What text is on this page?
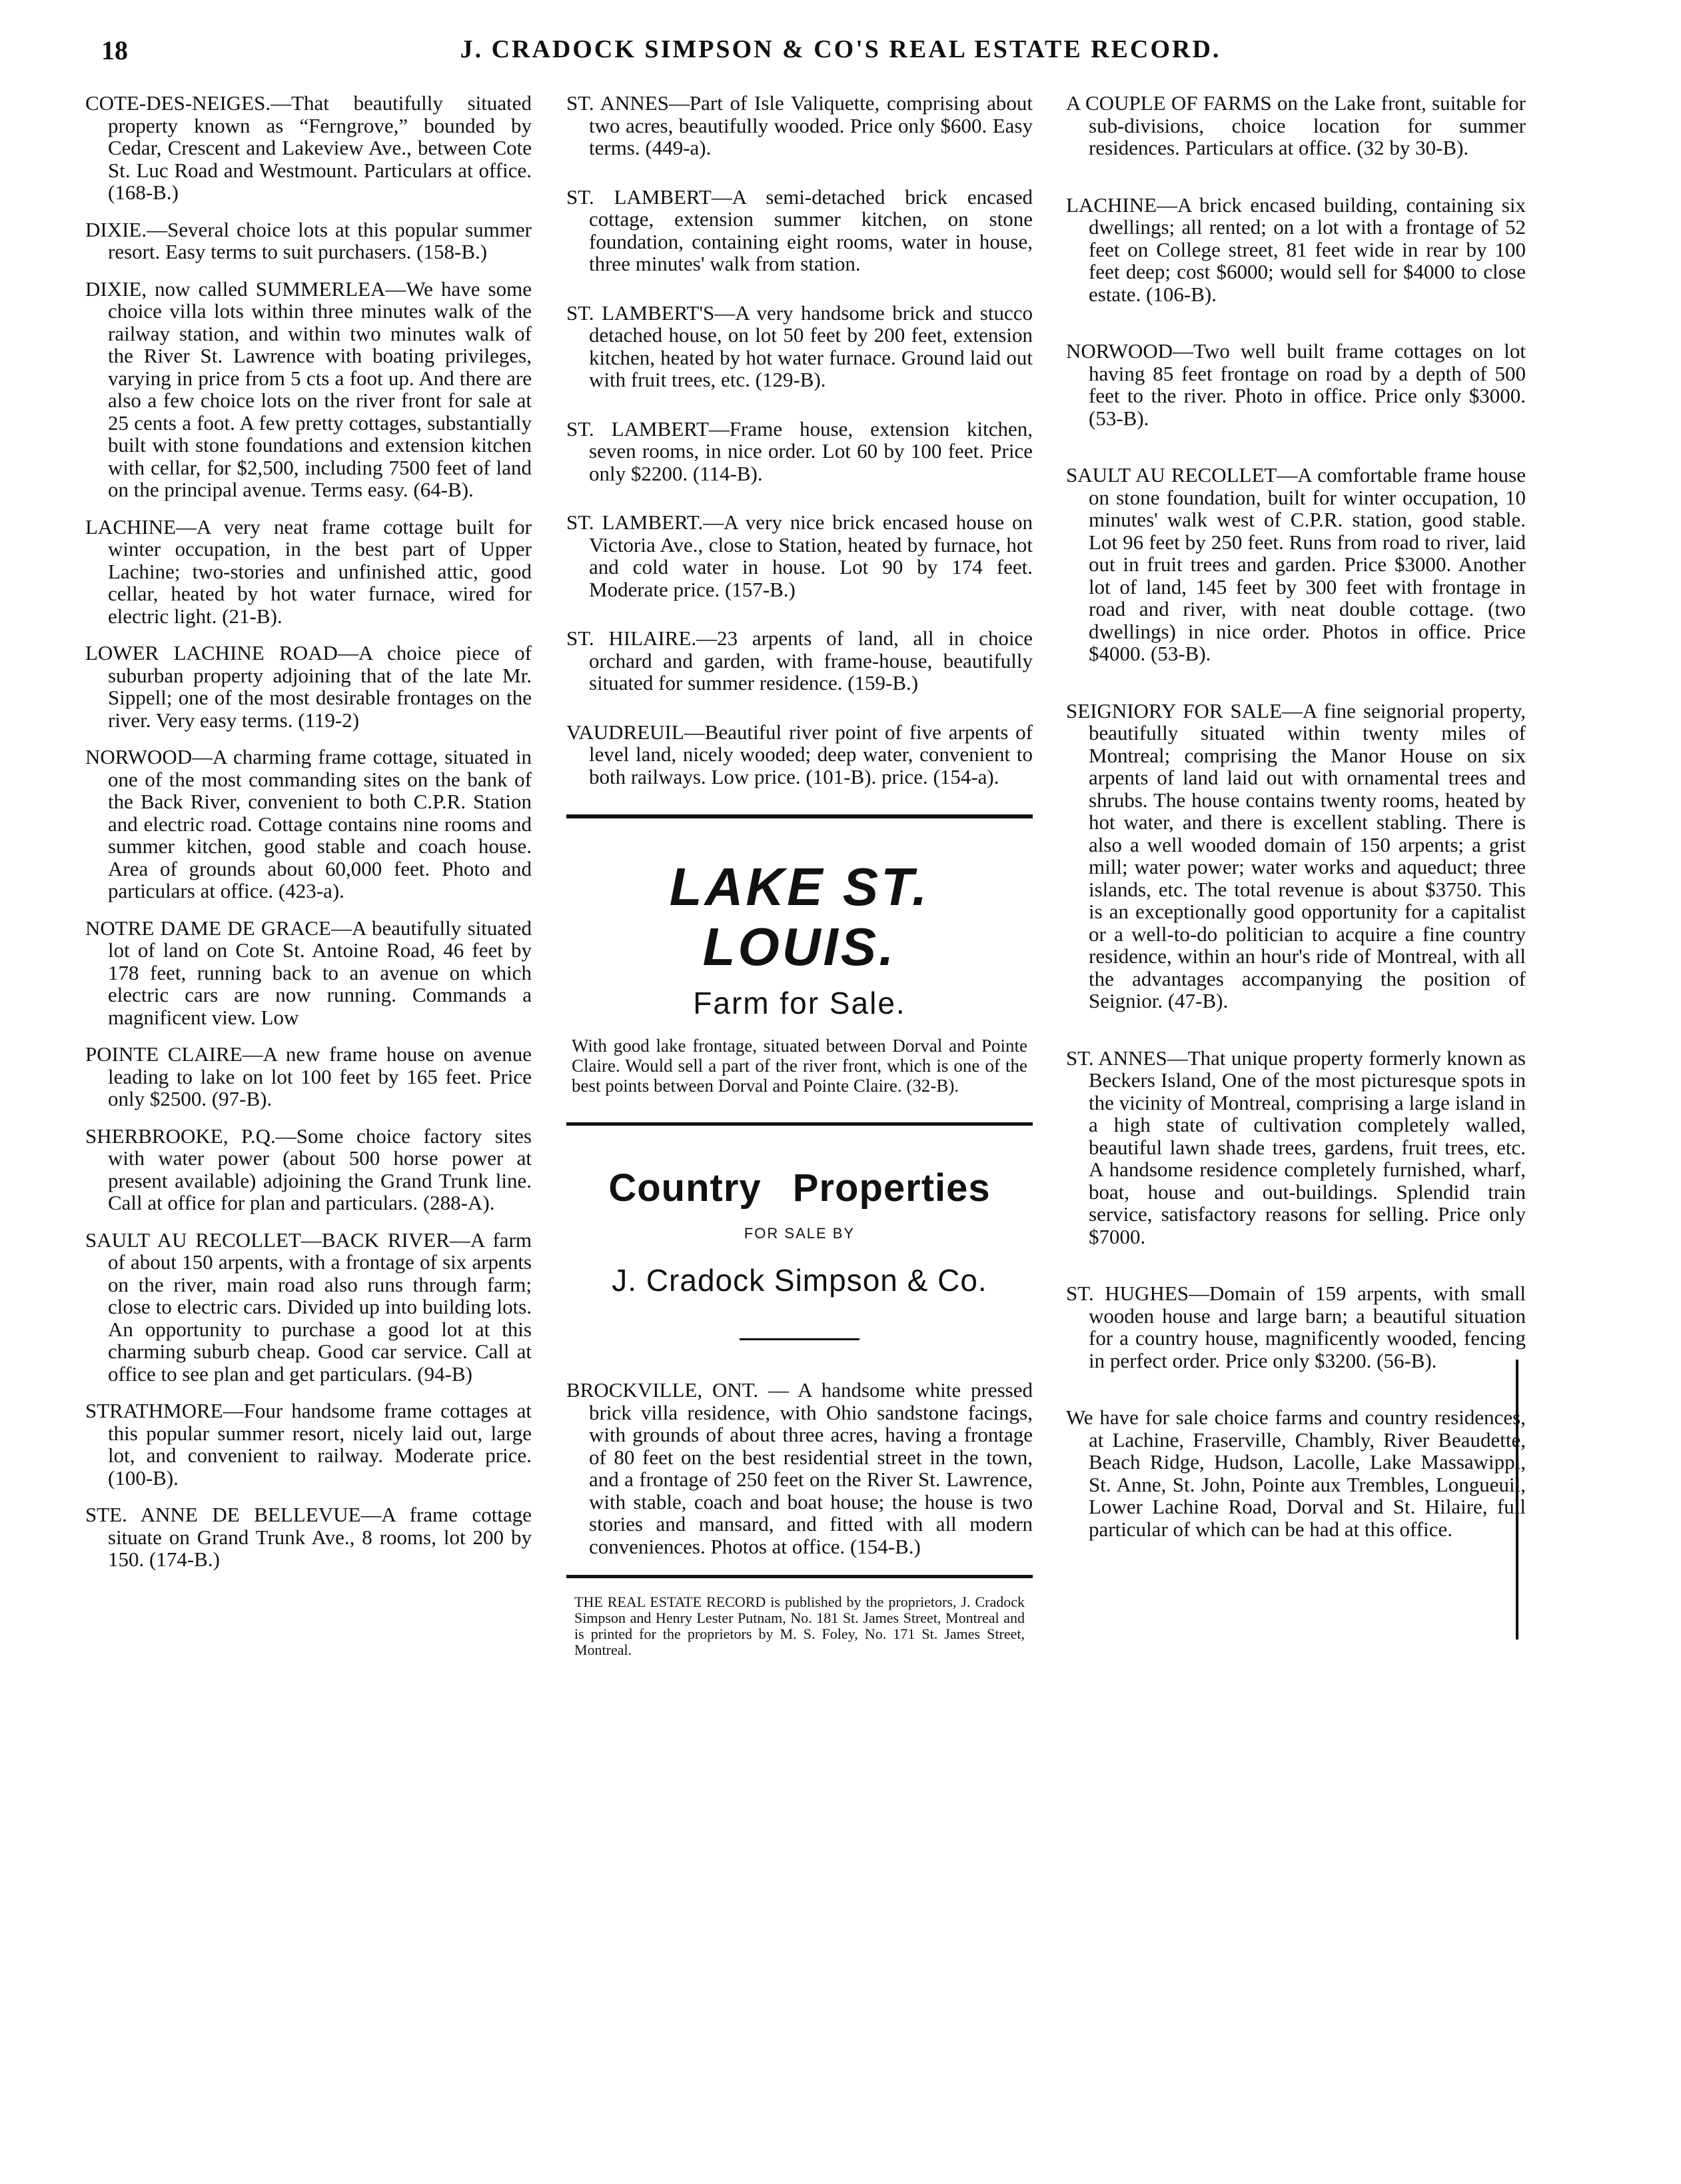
18	J. CRADOCK SIMPSON & CO'S REAL ESTATE RECORD.

COTE-DES-NEIGES.—That beautifully situated property known as “Ferngrove,” bounded by Cedar, Crescent and Lakeview Ave., between Cote St. Luc Road and Westmount. Particulars at office. (168-B.)

DIXIE.—Several choice lots at this popular summer resort. Easy terms to suit purchasers. (158-B.)

DIXIE, now called SUMMERLEA—We have some choice villa lots within three minutes walk of the railway station, and within two minutes walk of the River St. Lawrence with boating privileges, varying in price from 5 cts a foot up. And there are also a few choice lots on the river front for sale at 25 cents a foot. A few pretty cottages, substantially built with stone foundations and extension kitchen with cellar, for $2,500, including 7500 feet of land on the principal avenue. Terms easy. (64-B).

LACHINE—A very neat frame cottage built for winter occupation, in the best part of Upper Lachine; two-stories and unfinished attic, good cellar, heated by hot water furnace, wired for electric light. (21-B).

LOWER LACHINE ROAD—A choice piece of suburban property adjoining that of the late Mr. Sippell; one of the most desirable frontages on the river. Very easy terms. (119-2)

NORWOOD—A charming frame cottage, situated in one of the most commanding sites on the bank of the Back River, convenient to both C.P.R. Station and electric road. Cottage contains nine rooms and summer kitchen, good stable and coach house. Area of grounds about 60,000 feet. Photo and particulars at office. (423-a).

NOTRE DAME DE GRACE—A beautifully situated lot of land on Cote St. Antoine Road, 46 feet by 178 feet, running back to an avenue on which electric cars are now running. Commands a magnificent view. Low

POINTE CLAIRE—A new frame house on avenue leading to lake on lot 100 feet by 165 feet. Price only $2500. (97-B).

SHERBROOKE, P.Q.—Some choice factory sites with water power (about 500 horse power at present available) adjoining the Grand Trunk line. Call at office for plan and particulars. (288-A).

SAULT AU RECOLLET—BACK RIVER—A farm of about 150 arpents, with a frontage of six arpents on the river, main road also runs through farm; close to electric cars. Divided up into building lots. An opportunity to purchase a good lot at this charming suburb cheap. Good car service. Call at office to see plan and get particulars. (94-B)

STRATHMORE—Four handsome frame cottages at this popular summer resort, nicely laid out, large lot, and convenient to railway. Moderate price. (100-B).

STE. ANNE DE BELLEVUE—A frame cottage situate on Grand Trunk Ave., 8 rooms, lot 200 by 150. (174-B.)

ST. ANNES—Part of Isle Valiquette, comprising about two acres, beautifully wooded. Price only $600. Easy terms. (449-a).

ST. LAMBERT—A semi-detached brick encased cottage, extension summer kitchen, on stone foundation, containing eight rooms, water in house, three minutes' walk from station.

ST. LAMBERT'S—A very handsome brick and stucco detached house, on lot 50 feet by 200 feet, extension kitchen, heated by hot water furnace. Ground laid out with fruit trees, etc. (129-B).

ST. LAMBERT—Frame house, extension kitchen, seven rooms, in nice order. Lot 60 by 100 feet. Price only $2200. (114-B).

ST. LAMBERT.—A very nice brick encased house on Victoria Ave., close to Station, heated by furnace, hot and cold water in house. Lot 90 by 174 feet. Moderate price. (157-B.)

ST. HILAIRE.—23 arpents of land, all in choice orchard and garden, with frame-house, beautifully situated for summer residence. (159-B.)

VAUDREUIL—Beautiful river point of five arpents of level land, nicely wooded; deep water, convenient to both railways. Low price. (101-B). price. (154-a).

LAKE ST. LOUIS.

Farm for Sale.

With good lake frontage, situated between Dorval and Pointe Claire. Would sell a part of the river front, which is one of the best points between Dorval and Pointe Claire. (32-B).

Country Properties

FOR SALE BY

J. Cradock Simpson & Co.

BROCKVILLE, ONT. — A handsome white pressed brick villa residence, with Ohio sandstone facings, with grounds of about three acres, having a frontage of 80 feet on the best residential street in the town, and a frontage of 250 feet on the River St. Lawrence, with stable, coach and boat house; the house is two stories and mansard, and fitted with all modern conveniences. Photos at office. (154-B.)

THE REAL ESTATE RECORD is published by the proprietors, J. Cradock Simpson and Henry Lester Putnam, No. 181 St. James Street, Montreal and is printed for the proprietors by M. S. Foley, No. 171 St. James Street, Montreal.

A COUPLE OF FARMS on the Lake front, suitable for sub-divisions, choice location for summer residences. Particulars at office. (32 by 30-B).

LACHINE—A brick encased building, containing six dwellings; all rented; on a lot with a frontage of 52 feet on College street, 81 feet wide in rear by 100 feet deep; cost $6000; would sell for $4000 to close estate. (106-B).

NORWOOD—Two well built frame cottages on lot having 85 feet frontage on road by a depth of 500 feet to the river. Photo in office. Price only $3000. (53-B).

SAULT AU RECOLLET—A comfortable frame house on stone foundation, built for winter occupation, 10 minutes' walk west of C.P.R. station, good stable. Lot 96 feet by 250 feet. Runs from road to river, laid out in fruit trees and garden. Price $3000. Another lot of land, 145 feet by 300 feet with frontage in road and river, with neat double cottage. (two dwellings) in nice order. Photos in office. Price $4000. (53-B).

SEIGNIORY FOR SALE—A fine seignorial property, beautifully situated within twenty miles of Montreal; comprising the Manor House on six arpents of land laid out with ornamental trees and shrubs. The house contains twenty rooms, heated by hot water, and there is excellent stabling. There is also a well wooded domain of 150 arpents; a grist mill; water power; water works and aqueduct; three islands, etc. The total revenue is about $3750. This is an exceptionally good opportunity for a capitalist or a well-to-do politician to acquire a fine country residence, within an hour's ride of Montreal, with all the advantages accompanying the position of Seignior. (47-B).

ST. ANNES—That unique property formerly known as Beckers Island, One of the most picturesque spots in the vicinity of Montreal, comprising a large island in a high state of cultivation completely walled, beautiful lawn shade trees, gardens, fruit trees, etc. A handsome residence completely furnished, wharf, boat, house and out-buildings. Splendid train service, satisfactory reasons for selling. Price only $7000.

ST. HUGHES—Domain of 159 arpents, with small wooden house and large barn; a beautiful situation for a country house, magnificently wooded, fencing in perfect order. Price only $3200. (56-B).

We have for sale choice farms and country residences, at Lachine, Fraserville, Chambly, River Beaudette, Beach Ridge, Hudson, Lacolle, Lake Massawippi, St. Anne, St. John, Pointe aux Trembles, Longueuil, Lower Lachine Road, Dorval and St. Hilaire, full particular of which can be had at this office.
